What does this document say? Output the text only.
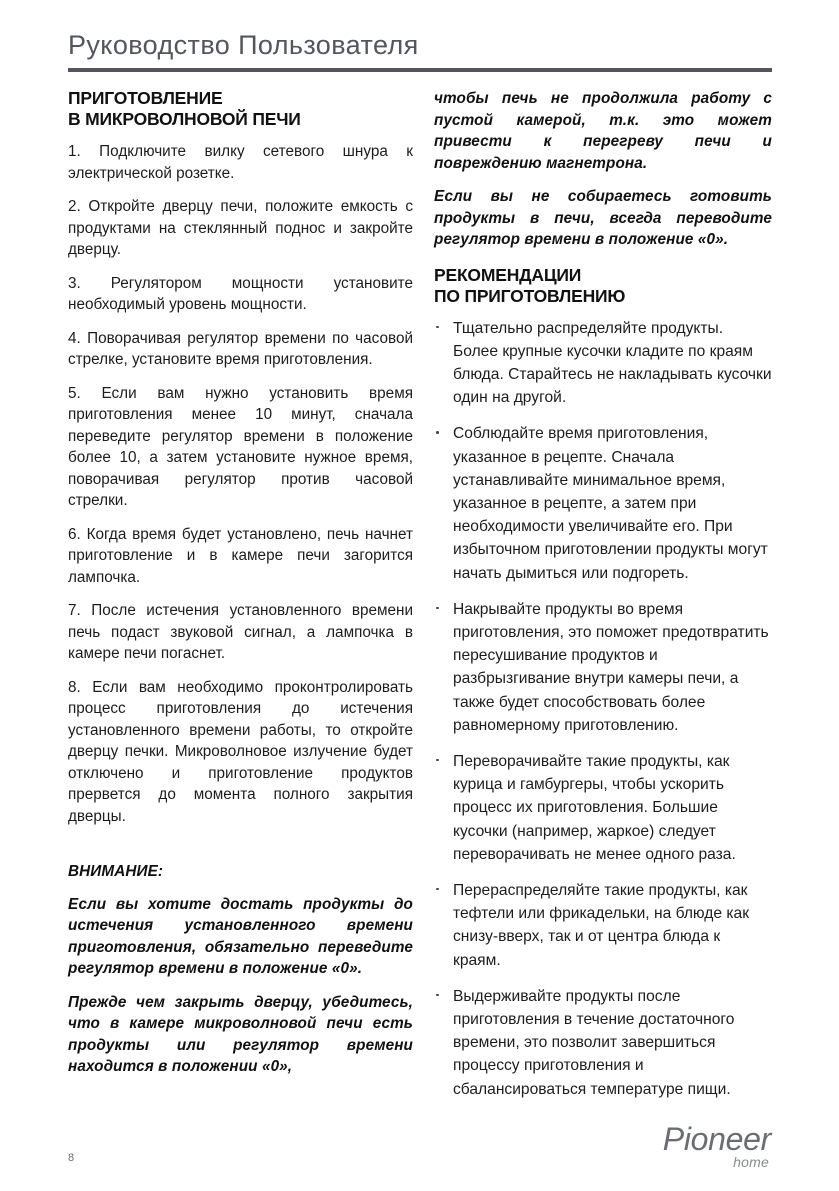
Руководство Пользователя
ПРИГОТОВЛЕНИЕ
В МИКРОВОЛНОВОЙ ПЕЧИ

1. Подключите вилку сетевого шнура к электрической розетке.

2. Откройте дверцу печи, положите емкость с продуктами на стеклянный поднос и закройте дверцу.

3. Регулятором мощности установите необходимый уровень мощности.

4. Поворачивая регулятор времени по часовой стрелке, установите время приготовления.

5. Если вам нужно установить время приготовления менее 10 минут, сначала переведите регулятор времени в положение более 10, а затем установите нужное время, поворачивая регулятор против часовой стрелки.

6. Когда время будет установлено, печь начнет приготовление и в камере печи загорится лампочка.

7. После истечения установленного времени печь подаст звуковой сигнал, а лампочка в камере печи погаснет.

8. Если вам необходимо проконтролировать процесс приготовления до истечения установленного времени работы, то откройте дверцу печки. Микроволновое излучение будет отключено и приготовление продуктов прервется до момента полного закрытия дверцы.

ВНИМАНИЕ:

Если вы хотите достать продукты до истечения установленного времени приготовления, обязательно переведите регулятор времени в положение «0».

Прежде чем закрыть дверцу, убедитесь, что в камере микроволновой печи есть продукты или регулятор времени находится в положении «0»,

чтобы печь не продолжила работу с пустой камерой, т.к. это может привести к перегреву печи и повреждению магнетрона.

Если вы не собираетесь готовить продукты в печи, всегда переводите регулятор времени в положение «0».

РЕКОМЕНДАЦИИ
ПО ПРИГОТОВЛЕНИЮ
Тщательно распределяйте продукты. Более крупные кусочки кладите по краям блюда. Старайтесь не накладывать кусочки один на другой.
Соблюдайте время приготовления, указанное в рецепте. Сначала устанавливайте минимальное время, указанное в рецепте, а затем при необходимости увеличивайте его. При избыточном приготовлении продукты могут начать дымиться или подгореть.
Накрывайте продукты во время приготовления, это поможет предотвратить пересушивание продуктов и разбрызгивание внутри камеры печи, а также будет способствовать более равномерному приготовлению.
Переворачивайте такие продукты, как курица и гамбургеры, чтобы ускорить процесс их приготовления. Большие кусочки (например, жаркое) следует переворачивать не менее одного раза.
Перераспределяйте такие продукты, как тефтели или фрикадельки, на блюде как снизу-вверх, так и от центра блюда к краям.
Выдерживайте продукты после приготовления в течение достаточного времени, это позволит завершиться процессу приготовления и сбалансироваться температуре пищи.
8
Pioneer
home
